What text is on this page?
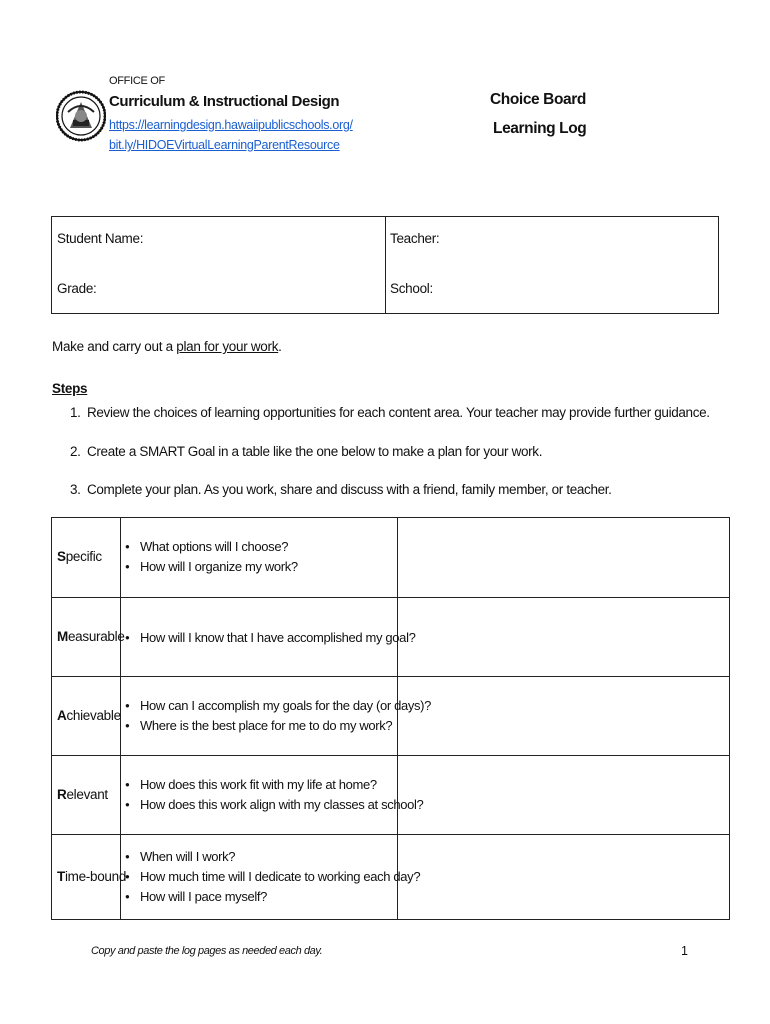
OFFICE OF
Curriculum & Instructional Design
https://learningdesign.hawaiipublicschools.org/
bit.ly/HIDOEVirtualLearningParentResource
Choice Board
Learning Log
Student Name:
Grade:
Teacher:
School:
Make and carry out a plan for your work.
Steps
1. Review the choices of learning opportunities for each content area. Your teacher may provide further guidance.
2. Create a SMART Goal in a table like the one below to make a plan for your work.
3. Complete your plan. As you work, share and discuss with a friend, family member, or teacher.
Specific
● What options will I choose?
● How will I organize my work?
Measurable
●	How will I know that I have accomplished my goal?
Achievable
● How can I accomplish my goals for the day (or days)?
● Where is the best place for me to do my work?
Relevant
● How does this work fit with my life at home?
● How does this work align with my classes at school?
Time-bound
● When will I work?
● How much time will I dedicate to working each day?
● How will I pace myself?
Copy and paste the log pages as needed each day.	1
